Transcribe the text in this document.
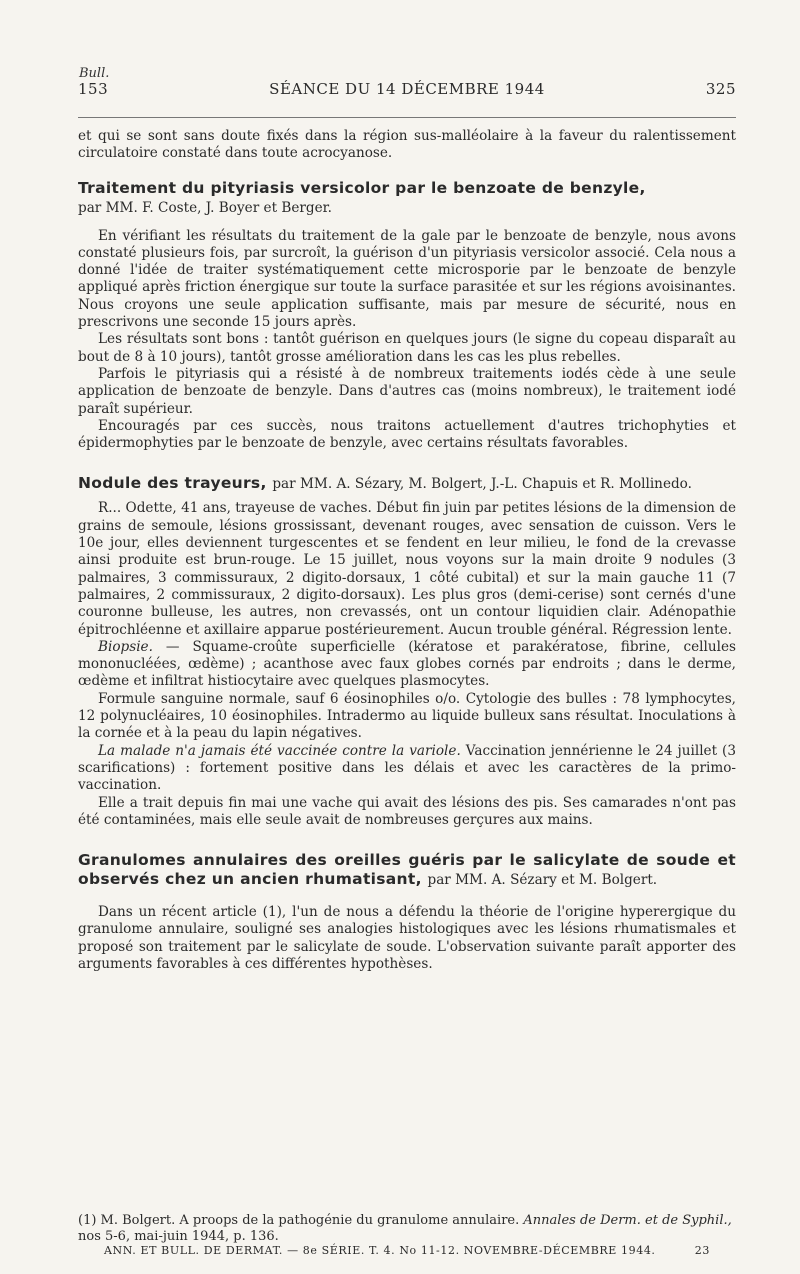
Bull.
153	SÉANCE DU 14 DÉCEMBRE 1944	325

et qui se sont sans doute fixés dans la région sus-malléolaire à la faveur du ralentissement circulatoire constaté dans toute acrocyanose.

Traitement du pityriasis versicolor par le benzoate de benzyle,
par MM. F. Coste, J. Boyer et Berger.

En vérifiant les résultats du traitement de la gale par le benzoate de benzyle, nous avons constaté plusieurs fois, par surcroît, la guérison d'un pityriasis versicolor associé. Cela nous a donné l'idée de traiter systématiquement cette microsporie par le benzoate de benzyle appliqué après friction énergique sur toute la surface parasitée et sur les régions avoisinantes. Nous croyons une seule application suffisante, mais par mesure de sécurité, nous en prescrivons une seconde 15 jours après.

Les résultats sont bons : tantôt guérison en quelques jours (le signe du copeau disparaît au bout de 8 à 10 jours), tantôt grosse amélioration dans les cas les plus rebelles.

Parfois le pityriasis qui a résisté à de nombreux traitements iodés cède à une seule application de benzoate de benzyle. Dans d'autres cas (moins nombreux), le traitement iodé paraît supérieur.

Encouragés par ces succès, nous traitons actuellement d'autres trichophyties et épidermophyties par le benzoate de benzyle, avec certains résultats favorables.

Nodule des trayeurs, par MM. A. Sézary, M. Bolgert, J.-L. Chapuis et R. Mollinedo.

R... Odette, 41 ans, trayeuse de vaches. Début fin juin par petites lésions de la dimension de grains de semoule, lésions grossissant, devenant rouges, avec sensation de cuisson. Vers le 10e jour, elles deviennent turgescentes et se fendent en leur milieu, le fond de la crevasse ainsi produite est brun-rouge. Le 15 juillet, nous voyons sur la main droite 9 nodules (3 palmaires, 3 commissuraux, 2 digito-dorsaux, 1 côté cubital) et sur la main gauche 11 (7 palmaires, 2 commissuraux, 2 digito-dorsaux). Les plus gros (demi-cerise) sont cernés d'une couronne bulleuse, les autres, non crevassés, ont un contour liquidien clair. Adénopathie épitrochléenne et axillaire apparue postérieurement. Aucun trouble général. Régression lente.

Biopsie. — Squame-croûte superficielle (kératose et parakératose, fibrine, cellules mononucléées, œdème) ; acanthose avec faux globes cornés par endroits ; dans le derme, œdème et infiltrat histiocytaire avec quelques plasmocytes.

Formule sanguine normale, sauf 6 éosinophiles o/o. Cytologie des bulles : 78 lymphocytes, 12 polynucléaires, 10 éosinophiles. Intradermo au liquide bulleux sans résultat. Inoculations à la cornée et à la peau du lapin négatives.

La malade n'a jamais été vaccinée contre la variole. Vaccination jennérienne le 24 juillet (3 scarifications) : fortement positive dans les délais et avec les caractères de la primo-vaccination.

Elle a trait depuis fin mai une vache qui avait des lésions des pis. Ses camarades n'ont pas été contaminées, mais elle seule avait de nombreuses gerçures aux mains.

Granulomes annulaires des oreilles guéris par le salicylate de soude et observés chez un ancien rhumatisant, par MM. A. Sézary et M. Bolgert.

Dans un récent article (1), l'un de nous a défendu la théorie de l'origine hyperergique du granulome annulaire, souligné ses analogies histologiques avec les lésions rhumatismales et proposé son traitement par le salicylate de soude. L'observation suivante paraît apporter des arguments favorables à ces différentes hypothèses.

(1) M. Bolgert. A proops de la pathogénie du granulome annulaire. Annales de Derm. et de Syphil., nos 5-6, mai-juin 1944, p. 136.
ANN. ET BULL. DE DERMAT. — 8e SÉRIE. T. 4. No 11-12. NOVEMBRE-DÉCEMBRE 1944.	23
